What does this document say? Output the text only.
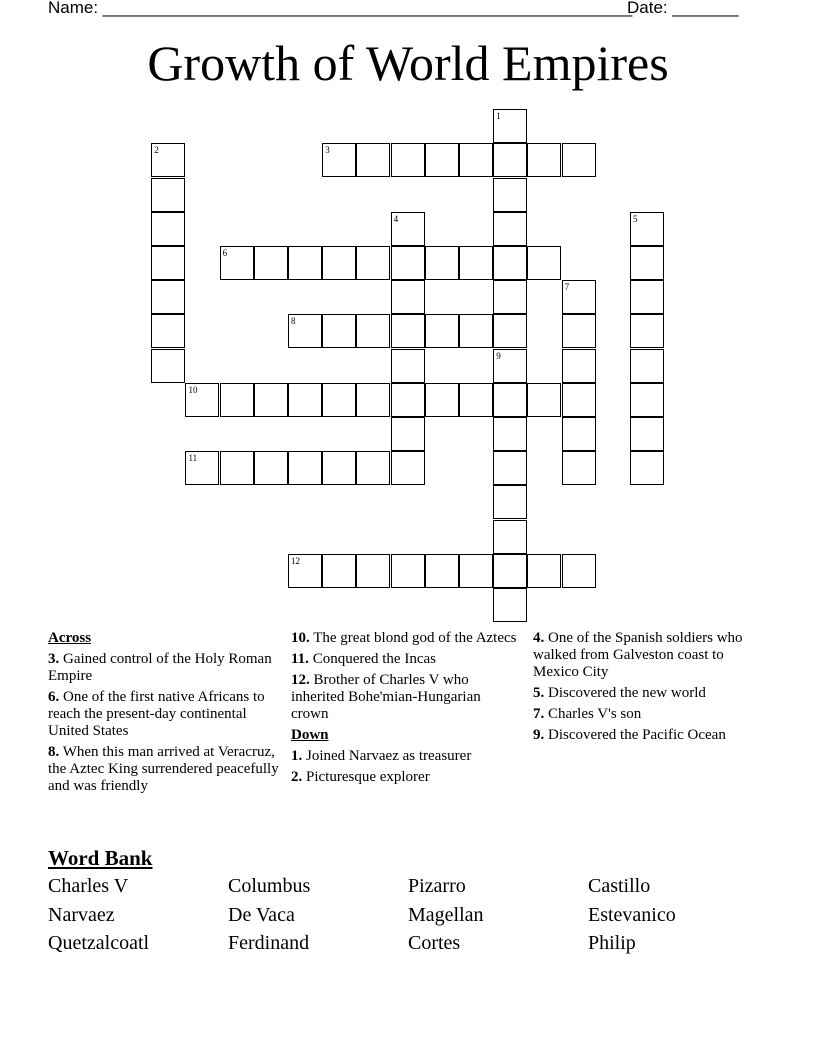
Name: ________________________________________________________
Date: _______
Growth of World Empires
1
9
2	3
4	5
6
7
8
10
11
12
Across
3. Gained control of the Holy Roman Empire
6. One of the first native Africans to reach the present-day continental United States
8. When this man arrived at Veracruz, the Aztec King surrendered peacefully and was friendly
10. The great blond god of the Aztecs
11. Conquered the Incas
12. Brother of Charles V who inherited Bohe'mian-Hungarian crown
Down
1. Joined Narvaez as treasurer
2. Picturesque explorer
4. One of the Spanish soldiers who walked from Galveston coast to Mexico City
5. Discovered the new world
7. Charles V's son
9. Discovered the Pacific Ocean
Word Bank
Charles V	Columbus	Pizarro	Castillo
Narvaez	De Vaca	Magellan	Estevanico
Quetzalcoatl	Ferdinand	Cortes	Philip
